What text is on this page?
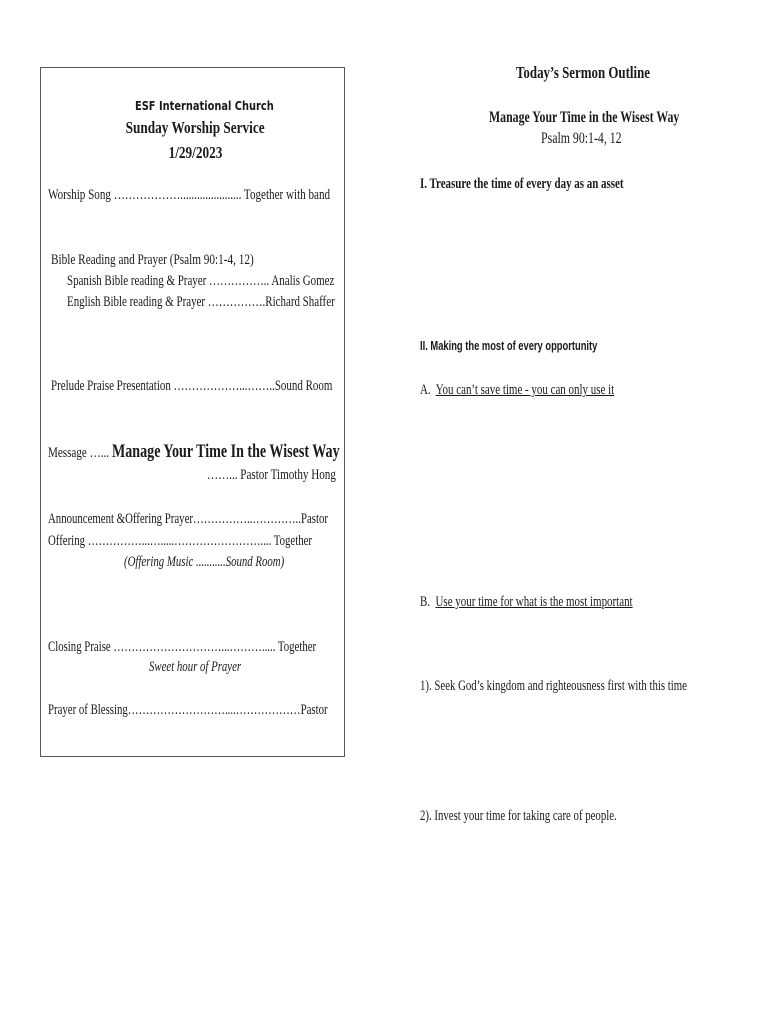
ESF International Church
Sunday Worship Service
1/29/2023
Worship Song ………………...................... Together with band
Bible Reading and Prayer (Psalm 90:1-4, 12)
Spanish Bible reading & Prayer …………….. Analis Gomez
English Bible reading & Prayer …………….Richard Shaffer
Prelude Praise Presentation ………………...……..Sound Room
Message …... Manage Your Time In the Wisest Way
……... Pastor Timothy Hong
Announcement &Offering Prayer……………..…………..Pastor
Offering ……………...….....…………………….... Together
(Offering Music ...........Sound Room)
Closing Praise …………………………...………..... Together
Sweet hour of Prayer
Prayer of Blessing………………………....………………Pastor
Today’s Sermon Outline
Manage Your Time in the Wisest Way
Psalm 90:1-4, 12
I. Treasure the time of every day as an asset
II. Making the most of every opportunity
A. You can’t save time - you can only use it
B. Use your time for what is the most important
1). Seek God’s kingdom and righteousness first with this time
2). Invest your time for taking care of people.
